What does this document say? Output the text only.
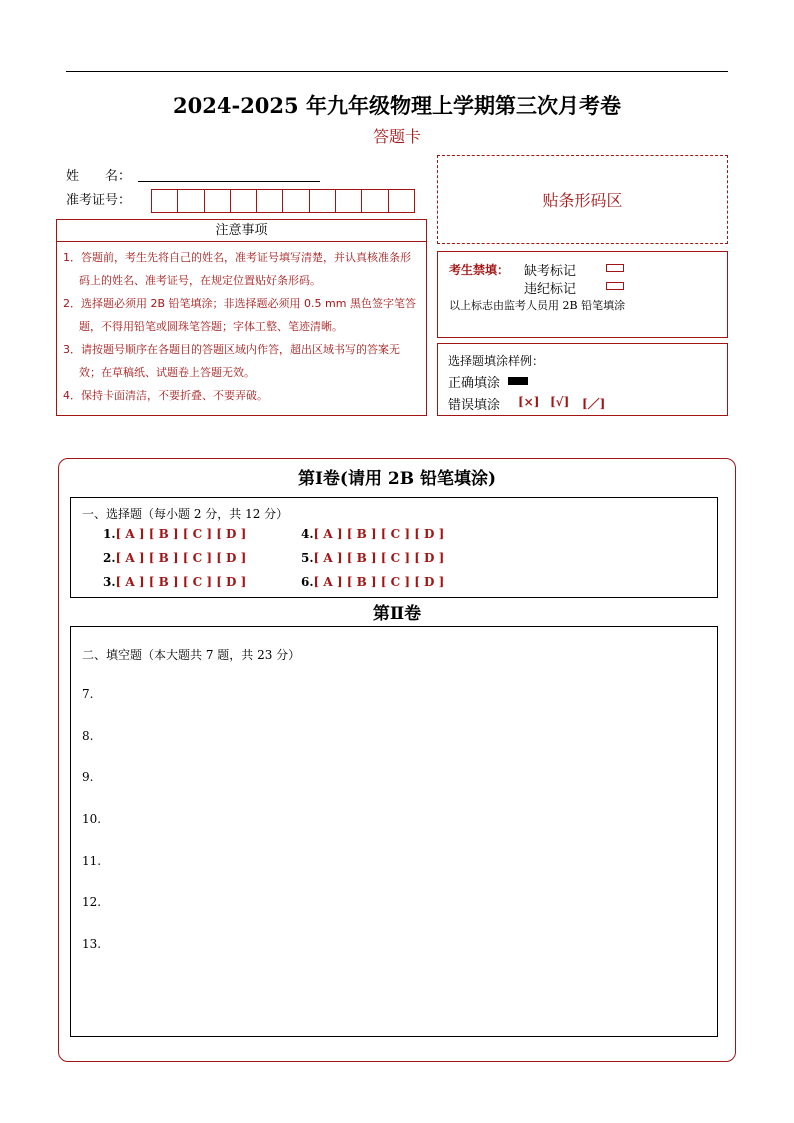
2024-2025 年九年级物理上学期第三次月考卷
答题卡
姓　　名：
准考证号：	贴条形码区
注意事项
1．答题前，考生先将自己的姓名，准考证号填写清楚，并认真核准条形码上的姓名、准考证号，在规定位置贴好条形码。
2．选择题必须用 2B 铅笔填涂；非选择题必须用 0.5 mm 黑色签字笔答题，不得用铅笔或圆珠笔答题；字体工整、笔迹清晰。
3．请按题号顺序在各题目的答题区域内作答，超出区域书写的答案无效；在草稿纸、试题卷上答题无效。
4．保持卡面清洁，不要折叠、不要弄破。
考生禁填： 缺考标记
违纪标记
以上标志由监考人员用 2B 铅笔填涂
选择题填涂样例：
正确填涂
错误填涂 [×] [√] [／]
第Ⅰ卷(请用 2B 铅笔填涂)
一、选择题（每小题 2 分，共 12 分）
1.[ A ] [ B ] [ C ] [ D ]
2.[ A ] [ B ] [ C ] [ D ]
3.[ A ] [ B ] [ C ] [ D ]
4.[ A ] [ B ] [ C ] [ D ]
5.[ A ] [ B ] [ C ] [ D ]
6.[ A ] [ B ] [ C ] [ D ]
第Ⅱ卷
二、填空题（本大题共 7 题，共 23 分）
7.
8.
9.
10.
11.
12.
13.
